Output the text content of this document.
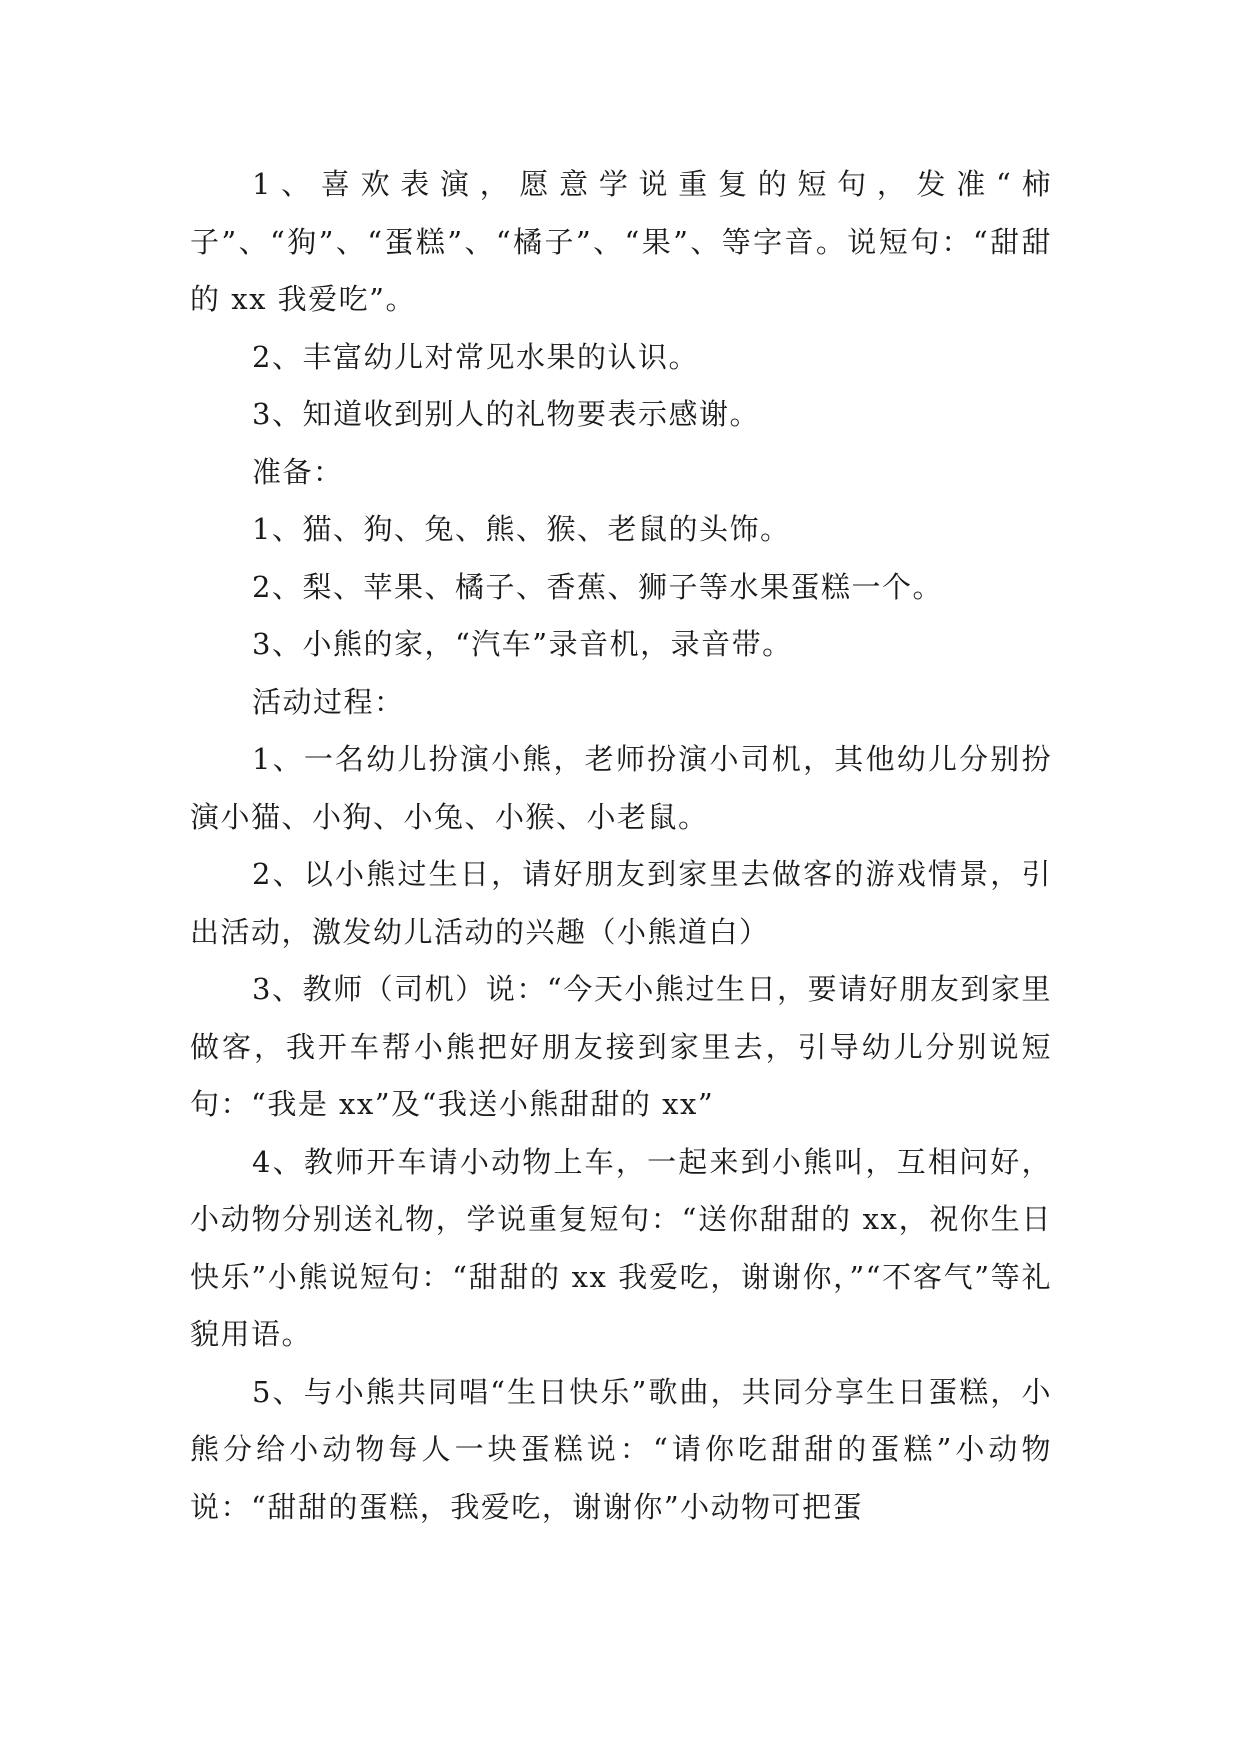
1、喜欢表演，愿意学说重复的短句，发准“柿子”、“狗”、“蛋糕”、“橘子”、“果”、等字音。说短句：“甜甜的 xx 我爱吃”。

2、丰富幼儿对常见水果的认识。

3、知道收到别人的礼物要表示感谢。

准备：

1、猫、狗、兔、熊、猴、老鼠的头饰。

2、梨、苹果、橘子、香蕉、狮子等水果蛋糕一个。

3、小熊的家，“汽车”录音机，录音带。

活动过程：

1、一名幼儿扮演小熊，老师扮演小司机，其他幼儿分别扮演小猫、小狗、小兔、小猴、小老鼠。

2、以小熊过生日，请好朋友到家里去做客的游戏情景，引出活动，激发幼儿活动的兴趣（小熊道白）

3、教师（司机）说：“今天小熊过生日，要请好朋友到家里做客，我开车帮小熊把好朋友接到家里去，引导幼儿分别说短句：“我是 xx”及“我送小熊甜甜的 xx”

4、教师开车请小动物上车，一起来到小熊叫，互相问好，小动物分别送礼物，学说重复短句：“送你甜甜的 xx，祝你生日快乐”小熊说短句：“甜甜的 xx 我爱吃，谢谢你，”“不客气”等礼貌用语。

5、与小熊共同唱“生日快乐”歌曲，共同分享生日蛋糕，小熊分给小动物每人一块蛋糕说：“请你吃甜甜的蛋糕”小动物说：“甜甜的蛋糕，我爱吃，谢谢你”小动物可把蛋
